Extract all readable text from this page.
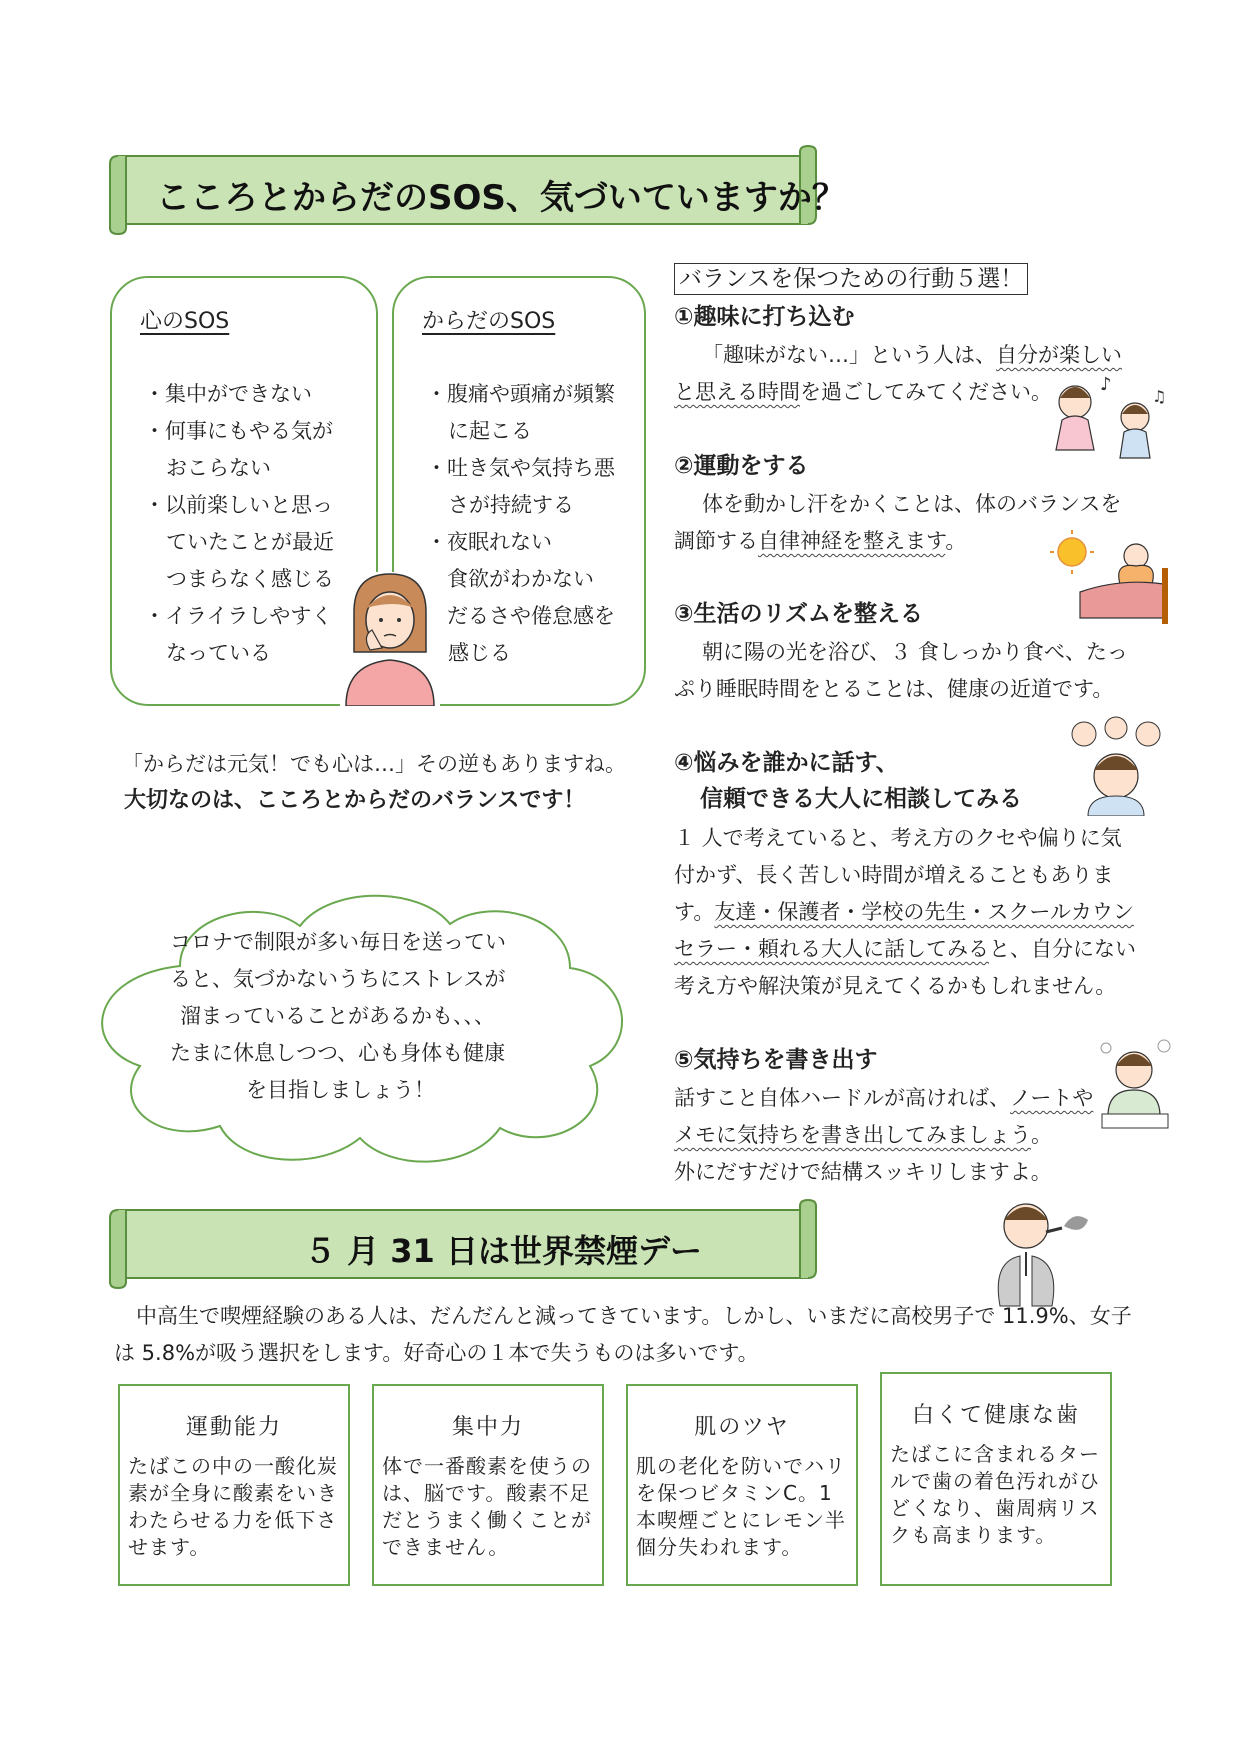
こころとからだのSOS、気づいていますか？
心のSOS
・ 集中ができない
・ 何事にもやる気がおこらない
・ 以前楽しいと思っていたことが最近つまらなく感じる
・ イライラしやすくなっている
からだのSOS
・ 腹痛や頭痛が頻繁に起こる
・ 吐き気や気持ち悪さが持続する
・ 夜眠れない
・ 食欲がわかない
・ だるさや倦怠感を感じる
「からだは元気！でも心は…」その逆もありますね。
大切なのは、こころとからだのバランスです！
コロナで制限が多い毎日を送ってい
ると、気づかないうちにストレスが
溜まっていることがあるかも、、、
たまに休息しつつ、心も身体も健康
を目指しましょう！
バランスを保つための行動５選！
①趣味に打ち込む
「趣味がない…」という人は、自分が楽しいと思える時間を過ごしてみてください。	♪
♫
②運動をする
体を動かし汗をかくことは、体のバランスを調節する自律神経を整えます。
③生活のリズムを整える
朝に陽の光を浴び、３ 食しっかり食べ、たっぷり睡眠時間をとることは、健康の近道です。
④悩みを誰かに話す、
信頼できる大人に相談してみる
１ 人で考えていると、考え方のクセや偏りに気付かず、長く苦しい時間が増えることもあります。友達・保護者・学校の先生・スクールカウンセラー・頼れる大人に話してみると、自分にない考え方や解決策が見えてくるかもしれません。
⑤気持ちを書き出す
話すこと自体ハードルが高ければ、ノートやメモに気持ちを書き出してみましょう。
外にだすだけで結構スッキリしますよ。
５ 月 31 日は世界禁煙デー
中高生で喫煙経験のある人は、だんだんと減ってきています。しかし、いまだに高校男子で 11.9%、女子は 5.8%が吸う選択をします。好奇心の１本で失うものは多いです。
運動能力
たばこの中の一酸化炭素が全身に酸素をいきわたらせる力を低下させます。
集中力
体で一番酸素を使うのは、脳です。酸素不足だとうまく働くことができません。
肌のツヤ
肌の老化を防いでハリを保つビタミンC。1本喫煙ごとにレモン半個分失われます。
白くて健康な歯
たばこに含まれるタールで歯の着色汚れがひどくなり、歯周病リスクも高まります。
